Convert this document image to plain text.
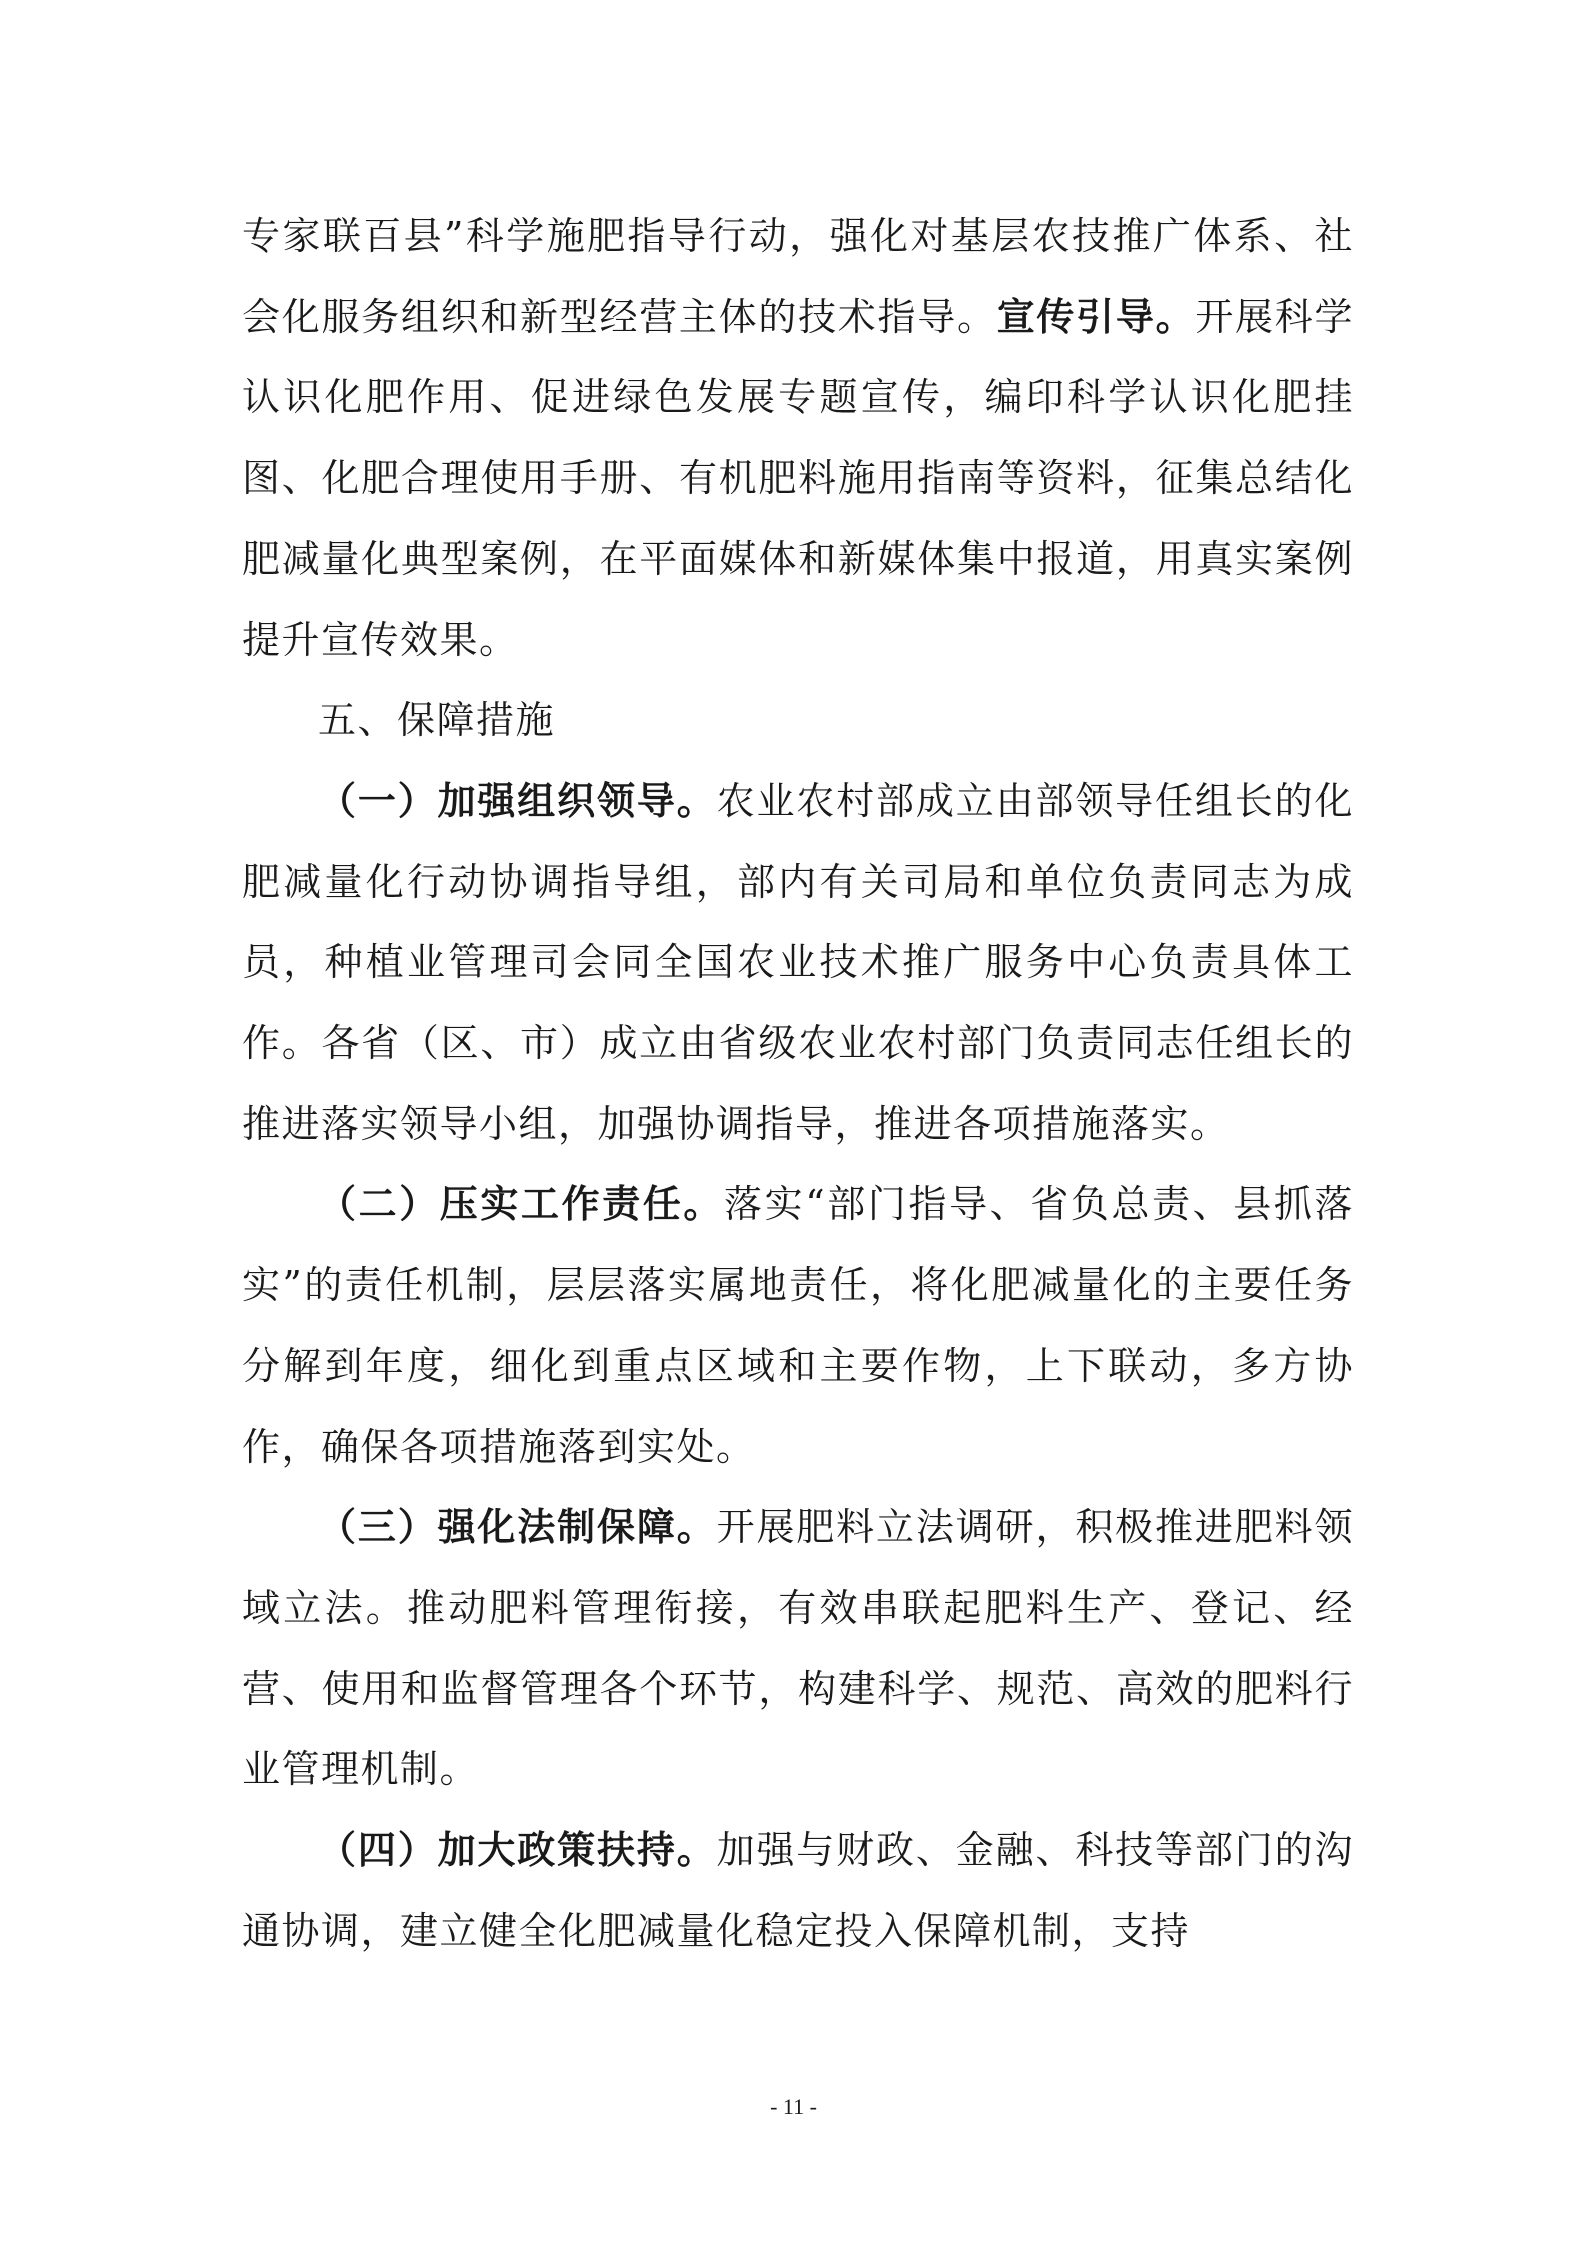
专家联百县”科学施肥指导行动，强化对基层农技推广体系、社会化服务组织和新型经营主体的技术指导。宣传引导。开展科学认识化肥作用、促进绿色发展专题宣传，编印科学认识化肥挂图、化肥合理使用手册、有机肥料施用指南等资料，征集总结化肥减量化典型案例，在平面媒体和新媒体集中报道，用真实案例提升宣传效果。

五、保障措施

（一）加强组织领导。农业农村部成立由部领导任组长的化肥减量化行动协调指导组，部内有关司局和单位负责同志为成员，种植业管理司会同全国农业技术推广服务中心负责具体工作。各省（区、市）成立由省级农业农村部门负责同志任组长的推进落实领导小组，加强协调指导，推进各项措施落实。

（二）压实工作责任。落实“部门指导、省负总责、县抓落实”的责任机制，层层落实属地责任，将化肥减量化的主要任务分解到年度，细化到重点区域和主要作物，上下联动，多方协作，确保各项措施落到实处。

（三）强化法制保障。开展肥料立法调研，积极推进肥料领域立法。推动肥料管理衔接，有效串联起肥料生产、登记、经营、使用和监督管理各个环节，构建科学、规范、高效的肥料行业管理机制。

（四）加大政策扶持。加强与财政、金融、科技等部门的沟通协调，建立健全化肥减量化稳定投入保障机制，支持

- 11 -
